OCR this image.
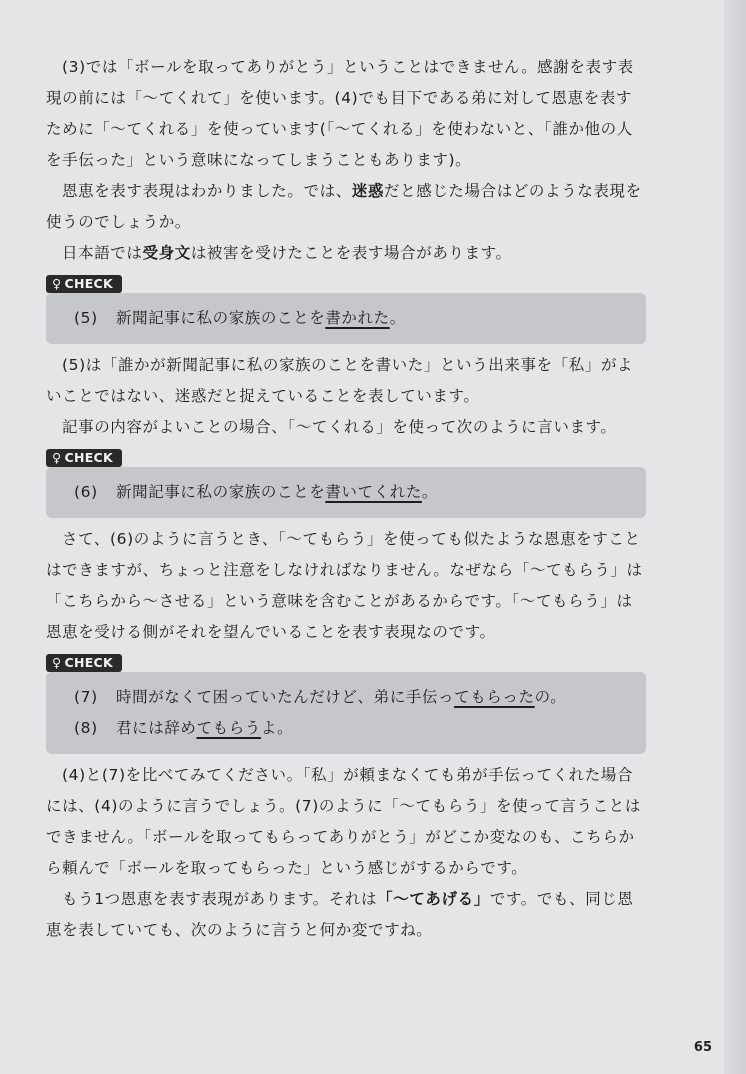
(3)では「ボールを取ってありがとう」ということはできません。感謝を表す表現の前には「〜てくれて」を使います。(4)でも目下である弟に対して恩恵を表すために「〜てくれる」を使っています(「〜てくれる」を使わないと、「誰か他の人を手伝った」という意味になってしまうこともあります)。

恩恵を表す表現はわかりました。では、迷惑だと感じた場合はどのような表現を使うのでしょうか。

日本語では受身文は被害を受けたことを表す場合があります。

♀ CHECK
(5)	新聞記事に私の家族のことを書かれた。

(5)は「誰かが新聞記事に私の家族のことを書いた」という出来事を「私」がよいことではない、迷惑だと捉えていることを表しています。

記事の内容がよいことの場合、「〜てくれる」を使って次のように言います。

♀ CHECK
(6)	新聞記事に私の家族のことを書いてくれた。

さて、(6)のように言うとき、「〜てもらう」を使っても似たような恩恵をすことはできますが、ちょっと注意をしなければなりません。なぜなら「〜てもらう」は「こちらから〜させる」という意味を含むことがあるからです。「〜てもらう」は恩恵を受ける側がそれを望んでいることを表す表現なのです。

♀ CHECK
(7)	時間がなくて困っていたんだけど、弟に手伝ってもらったの。
(8)	君には辞めてもらうよ。

(4)と(7)を比べてみてください。「私」が頼まなくても弟が手伝ってくれた場合には、(4)のように言うでしょう。(7)のように「〜てもらう」を使って言うことはできません。「ボールを取ってもらってありがとう」がどこか変なのも、こちらから頼んで「ボールを取ってもらった」という感じがするからです。

もう1つ恩恵を表す表現があります。それは「〜てあげる」です。でも、同じ恩恵を表していても、次のように言うと何か変ですね。

65
